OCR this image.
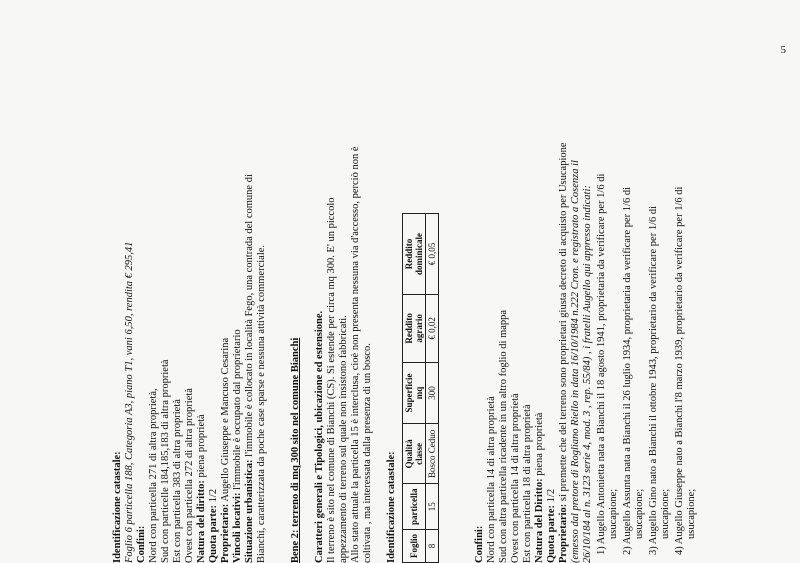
5
Identificazione catastale: Foglio 6 particella 188, Categoria A3, piano T1, vani 6,50, rendita € 295,41 Confini: Nord con particella 271 di altra proprietà, Sud con particelle 184,185,183 di altra proprietà Est con particella 383 di altra proprietà Ovest con particella 272 di altra proprietà Natura del diritto: piena proprietà
Quota parte: 1/2
Proprietario: Augello Giuseppe e Mancuso Cesarina
Vincoli locativi: l'immobile è occupato dal proprietario
Situazione urbanistica: l'immobile è collocato in località Fego, una contrada del comune di Bianchi, caratterizzata da poche case sparse e nessuna attività commerciale. Bene 2: terreno di mq 300 sito nel comune Bianchi Caratteri generali e Tipologici, ubicazione ed estensione. Il terreno è sito nel comune di Bianchi (CS). Si estende per circa mq 300. E' un piccolo appezzamento di terreno sul quale non insistono fabbricati. Allo stato attuale la particella 15 è interclusa, cioè non presenta nessuna via d'accesso, perciò non è coltivata , ma interessata dalla presenza di un bosco. Identificazione catastale: Foglio	particella	Qualità classe	Superficie mq	Reddito agrario	Reddito dominicale
8	15	Bosco Ceduo	300	€ 0,02	€ 0,05
Confini: Nord con particella 14 di altra proprietà Sud con altra particella ricadente in un altro foglio di mappa Ovest con particella 14 di altra proprietà Est con particella 18 di altra proprietà Natura del Diritto: piena proprietà
Quota parte: 1/2
Proprietario: si premette che del terreno sono proprietari giusta decreto di acquisto per Usucapione (emesso dal pretore di Rogliano Riello in data 16/10/1984 n.222 Cron. e registrato a Cosenza il 26/10/184 al n. 3123 serie 4, mod. 3 , rep. 55/84) , i fratelli Augello qui appresso indicati: 1) Augello Antonietta nata a Bianchi il 18 agosto 1941, proprietaria da verificare per 1/6 di usucapione;
2) Augello Assunta nata a Bianchi il 26 luglio 1934, proprietaria da verificare per 1/6 di usucapione;
3) Augello Gino nato a Bianchi il ottobre 1943, proprietario da verificare per 1/6 di usucapione;
4) Augello Giuseppe nato a Bianchi l'8 marzo 1939, proprietario da verificare per 1/6 di usucapione;
